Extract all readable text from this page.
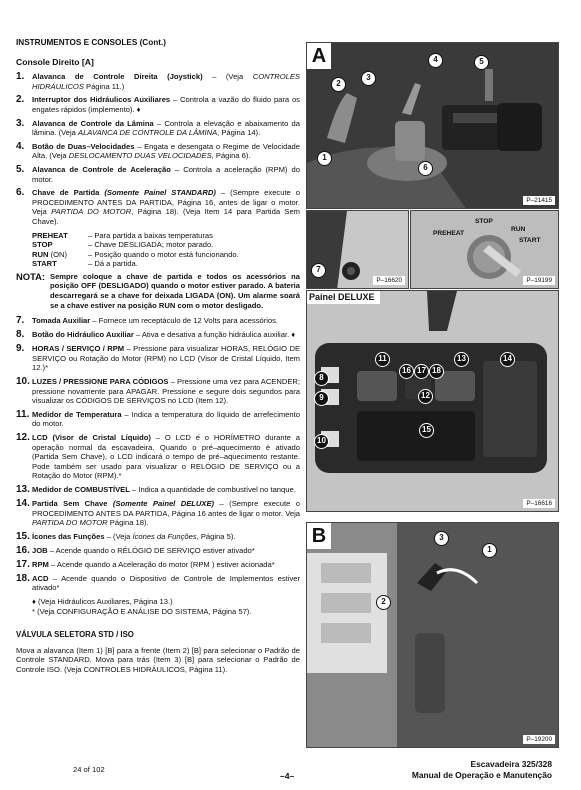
INSTRUMENTOS E CONSOLES (Cont.)
Console Direito [A]
1.	Alavanca de Controle Direita (Joystick) – (Veja CONTROLES HIDRÁULICOS Página 11.)
2.	Interruptor dos Hidráulicos Auxiliares – Controla a vazão do fluido para os engates rápidos (implemento). ♦
3.	Alavanca de Controle da Lâmina – Controla a elevação e abaixamento da lâmina. (Veja ALAVANCA DE CONTROLE DA LÂMINA, Página 14).
4.	Botão de Duas–Velocidades – Engata e desengata o Regime de Velocidade Alta. (Veja DESLOCAMENTO DUAS VELOCIDADES, Página 6).
5.	Alavanca de Controle de Aceleração – Controla a aceleração (RPM) do motor.
6.	Chave de Partida (Somente Painel STANDARD) – (Sempre execute o PROCEDIMENTO ANTES DA PARTIDA, Página 16, antes de ligar o motor. Veja PARTIDA DO MOTOR, Página 18). (Veja Item 14 para Partida Sem Chave).
PREHEAT	– Para partida a baixas temperaturas
STOP	– Chave DESLIGADA; motor parado.
RUN (ON)	– Posição quando o motor está funcionando.
START	– Dá a partida.
NOTA: Sempre coloque a chave de partida e todos os acessórios na posição OFF (DESLIGADO) quando o motor estiver parado. A bateria descarregará se a chave for deixada LIGADA (ON). Um alarme soará se a chave estiver na posição RUN com o motor desligado.
7.	Tomada Auxiliar – Fornece um receptáculo de 12 Volts para acessórios.
8.	Botão do Hidráulico Auxiliar – Ativa e desativa a função hidráulica auxiliar. ♦
9.	HORAS / SERVIÇO / RPM – Pressione para visualizar HORAS, RELÓGIO DE SERVIÇO ou Rotação do Motor (RPM) no LCD (Visor de Cristal Líquido, Item 12.)*
10. LUZES / PRESSIONE PARA CÓDIGOS – Pressione uma vez para ACENDER; pressione novamente para APAGAR. Pressione e segure dois segundos para visualizar os CÓDIGOS DE SERVIÇOS no LCD (Item 12).
11. Medidor de Temperatura – Indica a temperatura do líquido de arrefecimento do motor.
12. LCD (Visor de Cristal Líquido) – O LCD é o HORÍMETRO durante a operação normal da escavadeira. Quando o pré–aquecimento é ativado (Partida Sem Chave), o LCD indicará o tempo de pré–aquecimento restante. Pode também ser usado para visualizar o RELÓGIO DE SERVIÇO ou a Rotação do Motor (RPM).*
13. Medidor de COMBUSTÍVEL – Indica a quantidade de combustível no tanque.
14. Partida Sem Chave (Somente Painel DELUXE) – (Sempre execute o PROCEDIMENTO ANTES DA PARTIDA, Página 16 antes de ligar o motor. Veja PARTIDA DO MOTOR Página 18).
15. Ícones das Funções – (Veja Ícones da Funções, Página 5).
16. JOB – Acende quando o RÉLÓGIO DE SERVIÇO estiver ativado*
17. RPM – Acende quando a Aceleração do motor (RPM ) estiver acionada*
18. ACD – Acende quando o Dispositivo de Controle de Implementos estiver ativado*
♦ (Veja Hidráulicos Auxiliares, Página 13.)
* (Veja CONFIGURAÇÃO E ANÁLISE DO SISTEMA, Página 57).
VÁLVULA SELETORA STD / ISO
Mova a alavanca (Item 1) [B] para a frente (Item 2) [B] para selecionar o Padrão de Controle STANDARD. Mova para trás (Item 3) [B] para selecionar o Padrão de Controle ISO. (Veja CONTROLES HIDRÁULICOS, Página 11).
A
1
2
3
4	5
6
P–21415
7
P–16620
PREHEAT
STOP
RUN
START
P–19199
Painel DELUXE
8
9
10
11
12
13	14
15
16 17 18
P–16616
B
1
2
3
P–19200
24 of 102
–4–
Escavadeira 325/328
Manual de Operação e Manutenção
